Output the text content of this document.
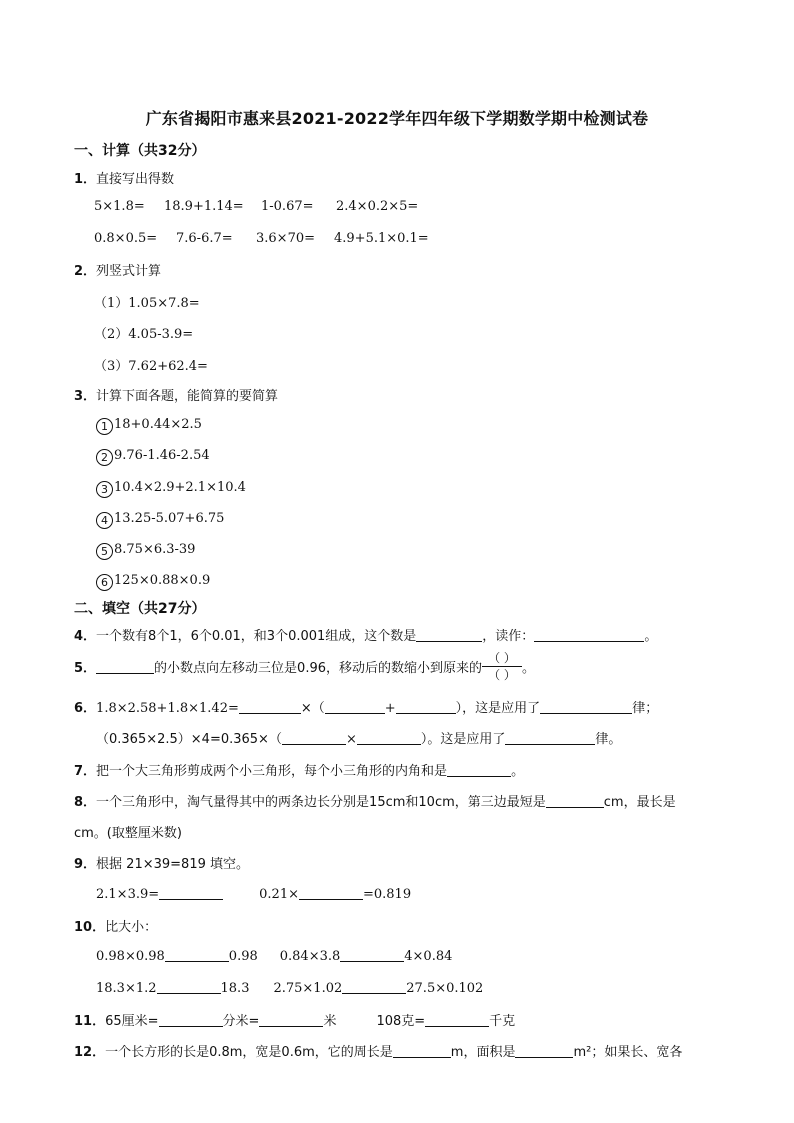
广东省揭阳市惠来县2021-2022学年四年级下学期数学期中检测试卷
一、计算（共32分）
1．直接写出得数
5×1.8= 18.9+1.14= 1-0.67= 2.4×0.2×5=
0.8×0.5= 7.6-6.7= 3.6×70= 4.9+5.1×0.1=
2．列竖式计算
（1）1.05×7.8=
（2）4.05-3.9=
（3）7.62+62.4=
3．计算下面各题，能简算的要简算
1 18+0.44×2.5
2 9.76-1.46-2.54
3 10.4×2.9+2.1×10.4
4 13.25-5.07+6.75
5 8.75×6.3-39
6 125×0.88×0.9
二、填空（共27分）
4．一个数有8个1，6个0.01，和3个0.001组成，这个数是	，读作：	。
5．	的小数点向左移动三位是0.96，移动后的数缩小到原来的 $\frac{( )}{( )}$ 。
6．1.8×2.58+1.8×1.42=	×（	+	），这是应用了	律；
（0.365×2.5）×4=0.365×（	×	）。这是应用了	律。
7．把一个大三角形剪成两个小三角形，每个小三角形的内角和是	。
8．一个三角形中，淘气量得其中的两条边长分别是15cm和10cm，第三边最短是	cm，最长是
cm。(取整厘米数)
9．根据 21×39=819 填空。
2.1×3.9=	0.21×	=0.819
10．比大小：
0.98×0.98	0.98 0.84×3.8	4×0.84
18.3×1.2	18.3 2.75×1.02	27.5×0.102
11．65厘米=	分米=	米	108克=	千克
12．一个长方形的长是0.8m，宽是0.6m，它的周长是	m，面积是	m²；如果长、宽各
